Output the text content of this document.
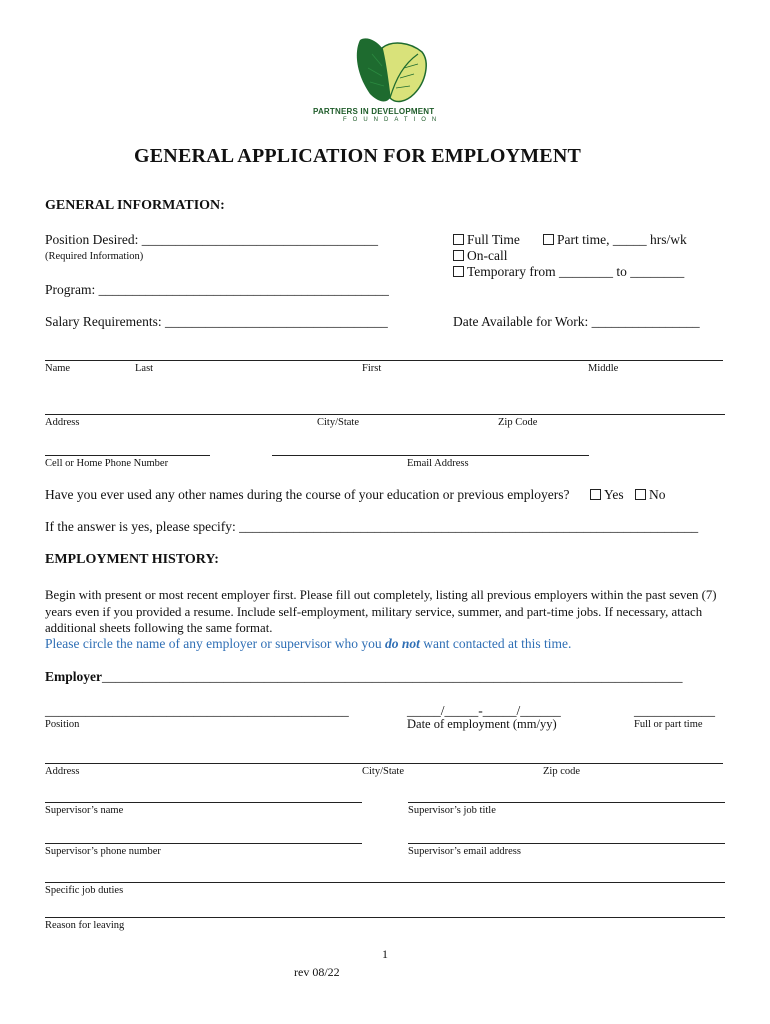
PARTNERS IN DEVELOPMENT
FOUNDATION
GENERAL APPLICATION FOR EMPLOYMENT
GENERAL INFORMATION:
Position Desired: ___________________________________
(Required Information)
Full Time	Part time, _____ hrs/wk
On-call
Temporary from ________ to ________
Program: ___________________________________________
Salary Requirements: _________________________________	Date Available for Work: ________________
Name	Last	First	Middle
Address	City/State	Zip Code
Cell or Home Phone Number	Email Address
Have you ever used any other names during the course of your education or previous employers?	Yes	No
If the answer is yes, please specify: ____________________________________________________________________
EMPLOYMENT HISTORY:
Begin with present or most recent employer first. Please fill out completely, listing all previous employers within the past seven (7) years even if you provided a resume. Include self-employment, military service, summer, and part-time jobs. If necessary, attach additional sheets following the same format.
Please circle the name of any employer or supervisor who you do not want contacted at this time.
Employer______________________________________________________________________________________
_____________________________________________	_____/_____-_____/______	____________
Position	Date of employment (mm/yy)	Full or part time
Address	City/State	Zip code
Supervisor’s name	Supervisor’s job title
Supervisor’s phone number	Supervisor’s email address
Specific job duties
Reason for leaving
1
rev 08/22
